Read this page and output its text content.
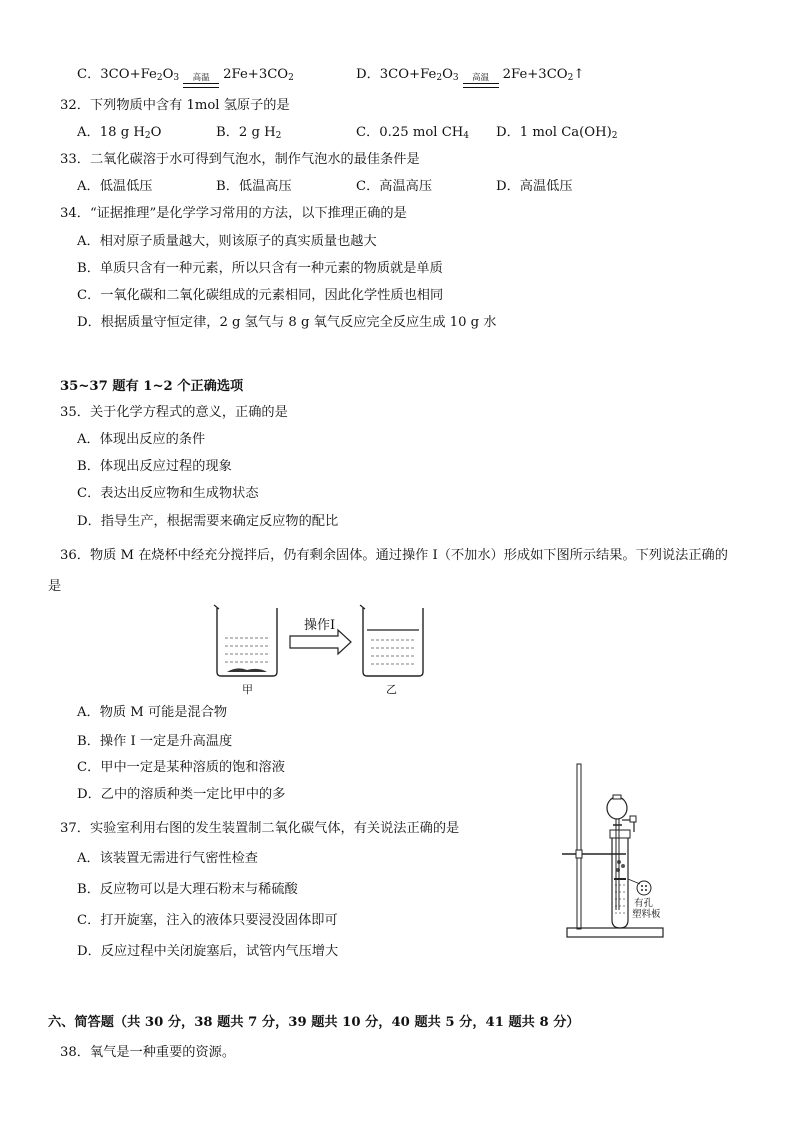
C．$3CO+Fe_2O_3$ 高温 $2Fe+3CO_2$	D．$3CO+Fe_2O_3$ 高温 $2Fe+3CO_2↑$
32．下列物质中含有 1mol 氢原子的是
A．18 g $H_2O$	B．2 g $H_2$	C．0.25 mol $CH_4$ D．1 mol $Ca(OH)_2$
33．二氧化碳溶于水可得到气泡水，制作气泡水的最佳条件是
A．低温低压	B．低温高压	C．高温高压	D．高温低压
34．“证据推理”是化学学习常用的方法，以下推理正确的是
A．相对原子质量越大，则该原子的真实质量也越大
B．单质只含有一种元素，所以只含有一种元素的物质就是单质
C．一氧化碳和二氧化碳组成的元素相同，因此化学性质也相同
D．根据质量守恒定律，2 g 氢气与 8 g 氧气反应完全反应生成 10 g 水
35~37 题有 1~2 个正确选项
35．关于化学方程式的意义，正确的是
A．体现出反应的条件
B．体现出反应过程的现象
C．表达出反应物和生成物状态
D．指导生产，根据需要来确定反应物的配比
36．物质 M 在烧杯中经充分搅拌后，仍有剩余固体。通过操作 I（不加水）形成如下图所示结果。下列说法正确的
是
操作I
甲	乙
A．物质 M 可能是混合物
B．操作 I 一定是升高温度
C．甲中一定是某种溶质的饱和溶液
D．乙中的溶质种类一定比甲中的多
37．实验室利用右图的发生装置制二氧化碳气体，有关说法正确的是
A．该装置无需进行气密性检查
B．反应物可以是大理石粉末与稀硫酸
C．打开旋塞，注入的液体只要浸没固体即可
D．反应过程中关闭旋塞后，试管内气压增大
有孔
塑料板
六、简答题（共 30 分，38 题共 7 分，39 题共 10 分，40 题共 5 分，41 题共 8 分）
38．氧气是一种重要的资源。
